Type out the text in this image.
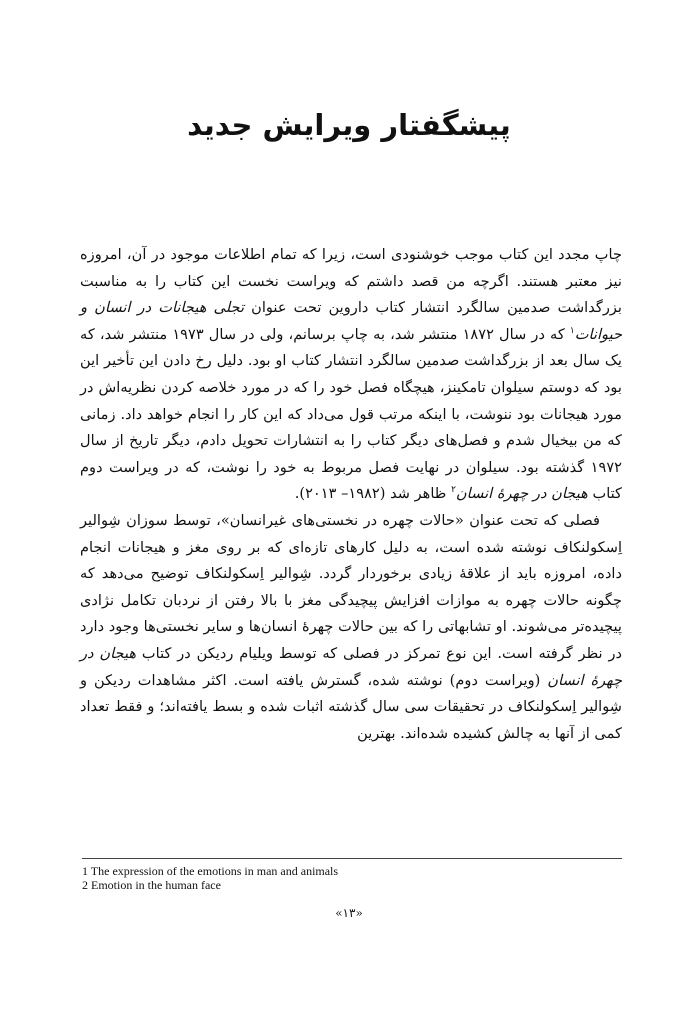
پیشگفتار ویرایش جدید

چاپ مجدد این کتاب موجب خوشنودی است، زیرا که تمام اطلاعات موجود در آن، امروزه نیز معتبر هستند. اگرچه من قصد داشتم که ویراست نخست این کتاب را به مناسبت بزرگداشت صدمین سالگرد انتشار کتاب داروین تحت عنوان تجلی هیجانات در انسان و حیوانات$^۱$ که در سال ۱۸۷۲ منتشر شد، به چاپ برسانم، ولی در سال ۱۹۷۳ منتشر شد، که یک سال بعد از بزرگداشت صدمین سالگرد انتشار کتاب او بود. دلیل رخ دادن این تأخیر این بود که دوستم سیلوان تامکینز، هیچگاه فصل خود را که در مورد خلاصه کردن نظریه‌اش در مورد هیجانات بود ننوشت، با اینکه مرتب قول می‌داد که این کار را انجام خواهد داد. زمانی که من بیخیال شدم و فصل‌های دیگر کتاب را به انتشارات تحویل دادم، دیگر تاریخ از سال ۱۹۷۲ گذشته بود. سیلوان در نهایت فصل مربوط به خود را نوشت، که در ویراست دوم کتاب هیجان در چهرهٔ انسان$^۲$ ظاهر شد (۱۹۸۲– ۲۰۱۳).

فصلی که تحت عنوان «حالات چهره در نخستی‌های غیرانسان»، توسط سوزان شِوالیر اِسکولنکاف نوشته شده است، به دلیل کارهای تازه‌ای که بر روی مغز و هیجانات انجام داده، امروزه باید از علاقهٔ زیادی برخوردار گردد. شِوالیر اِسکولنکاف توضیح می‌دهد که چگونه حالات چهره به موازات افزایش پیچیدگی مغز با بالا رفتن از نردبان تکامل نژادی پیچیده‌تر می‌شوند. او تشابهاتی را که بین حالات چهرهٔ انسان‌ها و سایر نخستی‌ها وجود دارد در نظر گرفته است. این نوع تمرکز در فصلی که توسط ویلیام ردیکن در کتاب هیجان در چهرهٔ انسان (ویراست دوم) نوشته شده، گسترش یافته است. اکثر مشاهدات ردیکن و شِوالیر اِسکولنکاف در تحقیقات سی سال گذشته اثبات شده و بسط یافته‌اند؛ و فقط تعداد کمی از آنها به چالش کشیده شده‌اند. بهترین

1 The expression of the emotions in man and animals
2 Emotion in the human face
«۱۳»
